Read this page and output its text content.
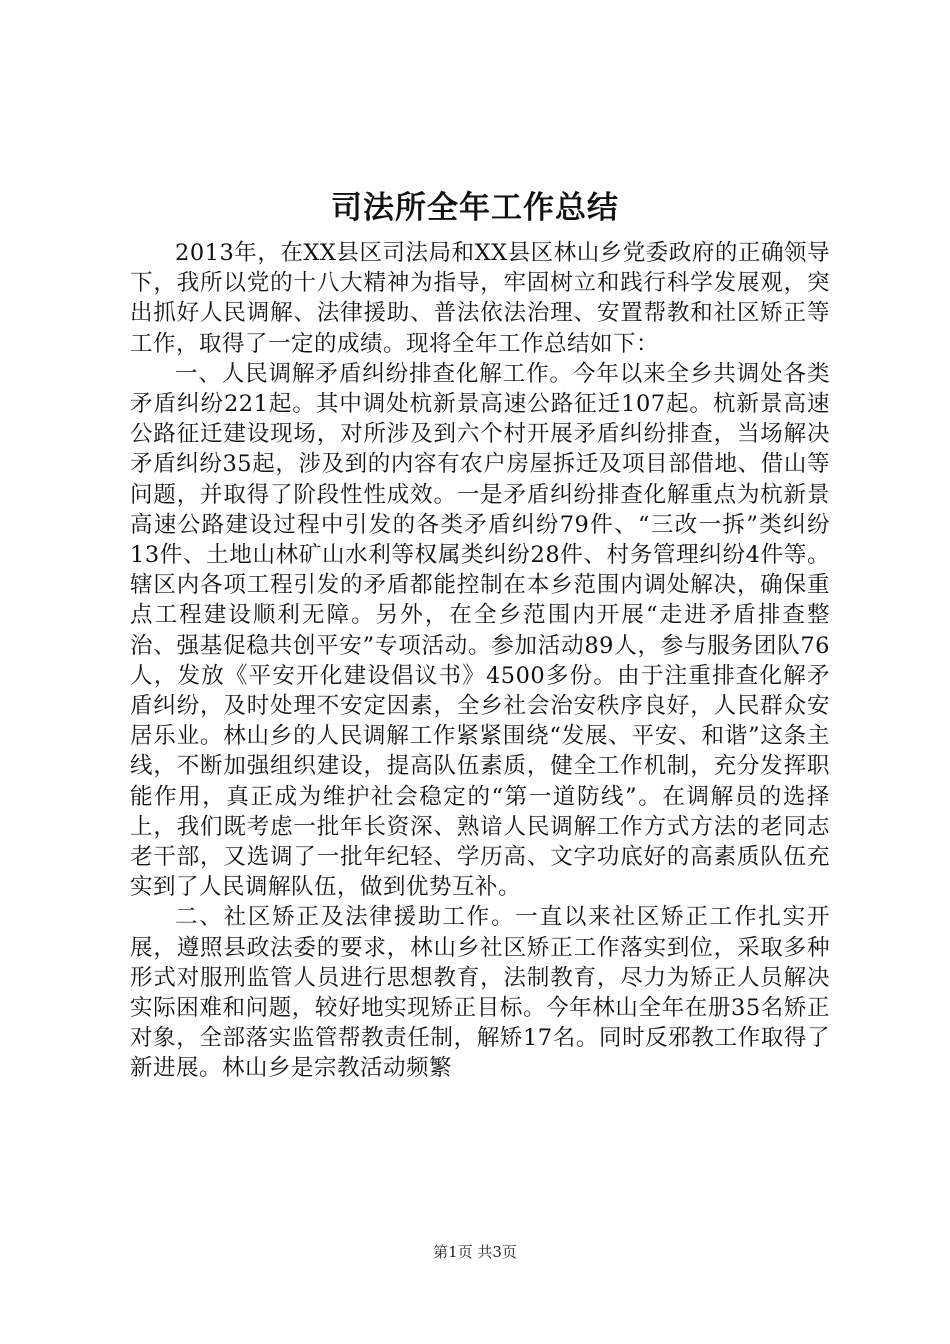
司法所全年工作总结

2013年，在XX县区司法局和XX县区林山乡党委政府的正确领导下，我所以党的十八大精神为指导，牢固树立和践行科学发展观，突出抓好人民调解、法律援助、普法依法治理、安置帮教和社区矫正等工作，取得了一定的成绩。现将全年工作总结如下：

一、人民调解矛盾纠纷排查化解工作。今年以来全乡共调处各类矛盾纠纷221起。其中调处杭新景高速公路征迁107起。杭新景高速公路征迁建设现场，对所涉及到六个村开展矛盾纠纷排查，当场解决矛盾纠纷35起，涉及到的内容有农户房屋拆迁及项目部借地、借山等问题，并取得了阶段性性成效。一是矛盾纠纷排查化解重点为杭新景高速公路建设过程中引发的各类矛盾纠纷79件、“三改一拆”类纠纷13件、土地山林矿山水利等权属类纠纷28件、村务管理纠纷4件等。辖区内各项工程引发的矛盾都能控制在本乡范围内调处解决，确保重点工程建设顺利无障。另外，在全乡范围内开展“走进矛盾排查整治、强基促稳共创平安”专项活动。参加活动89人，参与服务团队76人，发放《平安开化建设倡议书》4500多份。由于注重排查化解矛盾纠纷，及时处理不安定因素，全乡社会治安秩序良好，人民群众安居乐业。林山乡的人民调解工作紧紧围绕“发展、平安、和谐”这条主线，不断加强组织建设，提高队伍素质，健全工作机制，充分发挥职能作用，真正成为维护社会稳定的“第一道防线”。在调解员的选择上，我们既考虑一批年长资深、熟谙人民调解工作方式方法的老同志老干部，又选调了一批年纪轻、学历高、文字功底好的高素质队伍充实到了人民调解队伍，做到优势互补。

二、社区矫正及法律援助工作。一直以来社区矫正工作扎实开展，遵照县政法委的要求，林山乡社区矫正工作落实到位，采取多种形式对服刑监管人员进行思想教育，法制教育，尽力为矫正人员解决实际困难和问题，较好地实现矫正目标。今年林山全年在册35名矫正对象，全部落实监管帮教责任制，解矫17名。同时反邪教工作取得了新进展。林山乡是宗教活动频繁

第1页 共3页
